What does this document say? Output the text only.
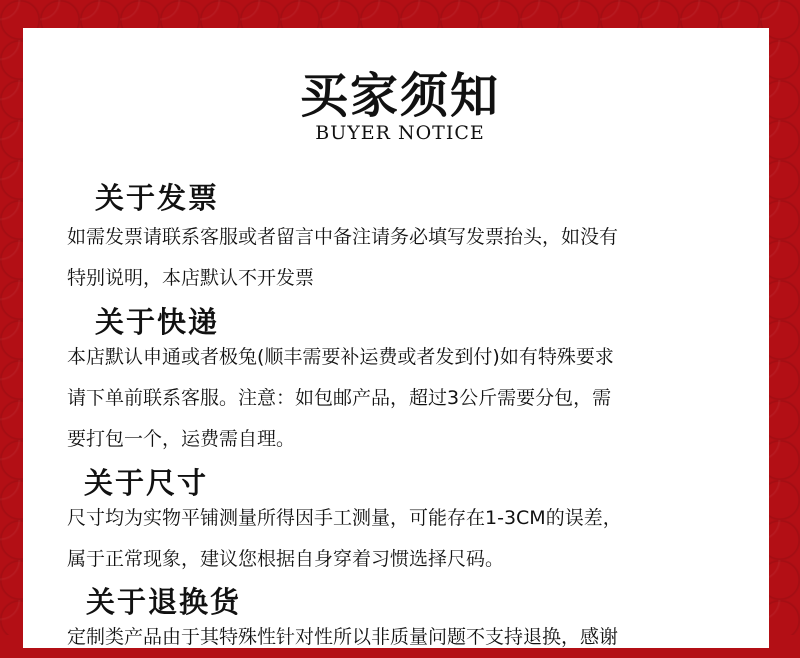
买家须知
BUYER NOTICE
关于发票
如需发票请联系客服或者留言中备注请务必填写发票抬头，如没有
特别说明，本店默认不开发票
关于快递
本店默认申通或者极兔(顺丰需要补运费或者发到付)如有特殊要求
请下单前联系客服。注意：如包邮产品，超过3公斤需要分包，需
要打包一个，运费需自理。
关于尺寸
尺寸均为实物平铺测量所得因手工测量，可能存在1-3CM的误差，
属于正常现象，建议您根据自身穿着习惯选择尺码。
关于退换货
定制类产品由于其特殊性针对性所以非质量问题不支持退换，感谢
